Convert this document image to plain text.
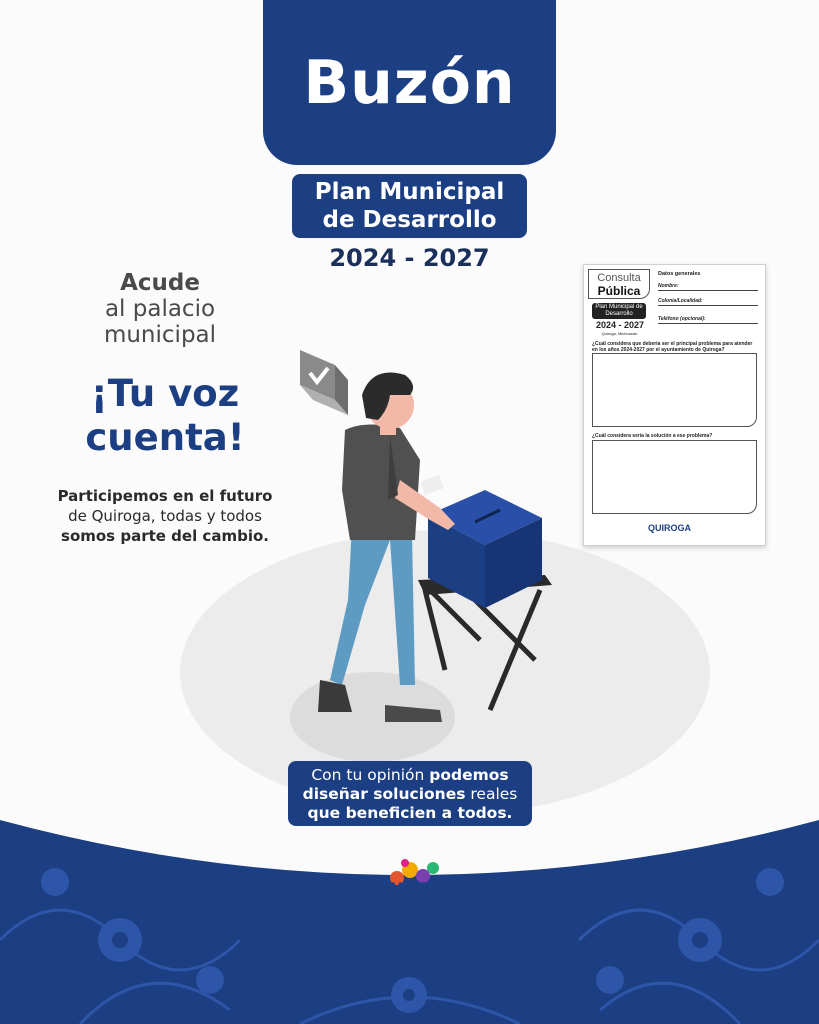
Buzón
Plan Municipal
de Desarrollo
2024 - 2027
Acude
al palacio
municipal
¡Tu voz
cuenta!
Participemos en el futuro
de Quiroga, todas y todos
somos parte del cambio.
Consulta
Pública
Plan Municipal de Desarrollo
2024 - 2027
Quiroga, Michoacán.
Datos generales
Nombre:
Colonia/Localidad:
Teléfono (opcional):
¿Cuál considera que debería ser el principal problema para atender en los años 2024-2027 por el ayuntamiento de Quiroga?
¿Cuál considera sería la solución a ese problema?
QUIROGA
Con tu opinión podemos
diseñar soluciones reales
que beneficien a todos.
QUIROGA
¡es ahora!
